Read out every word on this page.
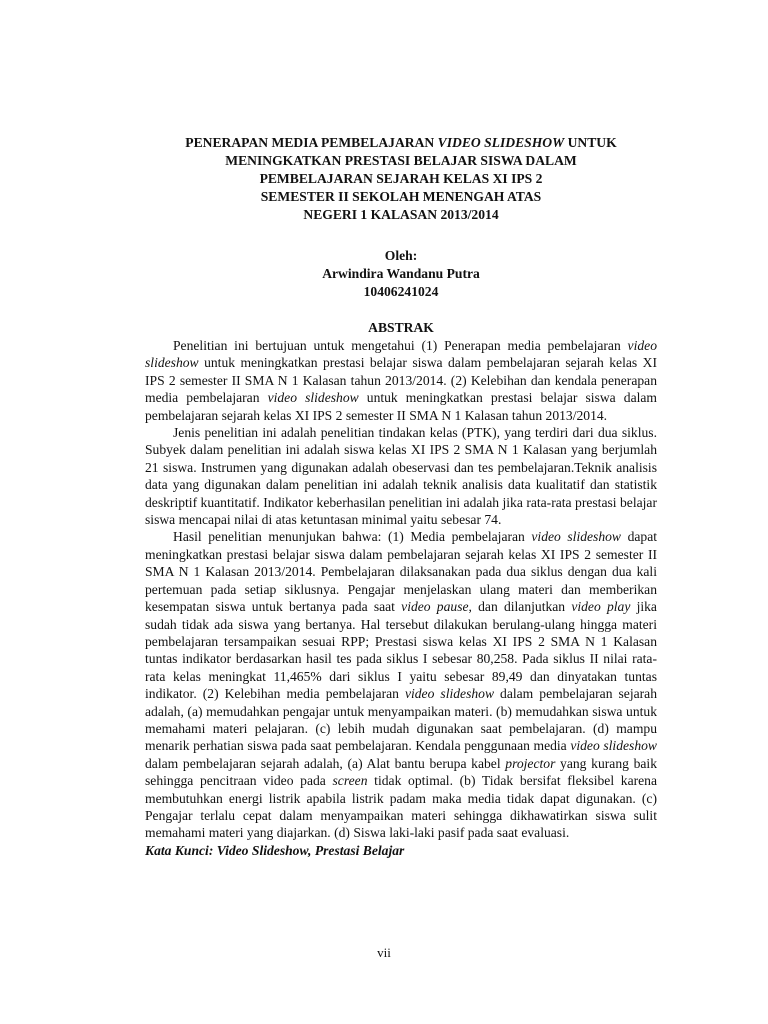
PENERAPAN MEDIA PEMBELAJARAN VIDEO SLIDESHOW UNTUK
MENINGKATKAN PRESTASI BELAJAR SISWA DALAM
PEMBELAJARAN SEJARAH KELAS XI IPS 2
SEMESTER II SEKOLAH MENENGAH ATAS
NEGERI 1 KALASAN 2013/2014
Oleh:
Arwindira Wandanu Putra
10406241024
ABSTRAK

Penelitian ini bertujuan untuk mengetahui (1) Penerapan media pembelajaran video slideshow untuk meningkatkan prestasi belajar siswa dalam pembelajaran sejarah kelas XI IPS 2 semester II SMA N 1 Kalasan tahun 2013/2014. (2) Kelebihan dan kendala penerapan media pembelajaran video slideshow untuk meningkatkan prestasi belajar siswa dalam pembelajaran sejarah kelas XI IPS 2 semester II SMA N 1 Kalasan tahun 2013/2014.

Jenis penelitian ini adalah penelitian tindakan kelas (PTK), yang terdiri dari dua siklus. Subyek dalam penelitian ini adalah siswa kelas XI IPS 2 SMA N 1 Kalasan yang berjumlah 21 siswa. Instrumen yang digunakan adalah obeservasi dan tes pembelajaran.Teknik analisis data yang digunakan dalam penelitian ini adalah teknik analisis data kualitatif dan statistik deskriptif kuantitatif. Indikator keberhasilan penelitian ini adalah jika rata-rata prestasi belajar siswa mencapai nilai di atas ketuntasan minimal yaitu sebesar 74.

Hasil penelitian menunjukan bahwa: (1) Media pembelajaran video slideshow dapat meningkatkan prestasi belajar siswa dalam pembelajaran sejarah kelas XI IPS 2 semester II SMA N 1 Kalasan 2013/2014. Pembelajaran dilaksanakan pada dua siklus dengan dua kali pertemuan pada setiap siklusnya. Pengajar menjelaskan ulang materi dan memberikan kesempatan siswa untuk bertanya pada saat video pause, dan dilanjutkan video play jika sudah tidak ada siswa yang bertanya. Hal tersebut dilakukan berulang-ulang hingga materi pembelajaran tersampaikan sesuai RPP; Prestasi siswa kelas XI IPS 2 SMA N 1 Kalasan tuntas indikator berdasarkan hasil tes pada siklus I sebesar 80,258. Pada siklus II nilai rata-rata kelas meningkat 11,465% dari siklus I yaitu sebesar 89,49 dan dinyatakan tuntas indikator. (2) Kelebihan media pembelajaran video slideshow dalam pembelajaran sejarah adalah, (a) memudahkan pengajar untuk menyampaikan materi. (b) memudahkan siswa untuk memahami materi pelajaran. (c) lebih mudah digunakan saat pembelajaran. (d) mampu menarik perhatian siswa pada saat pembelajaran. Kendala penggunaan media video slideshow dalam pembelajaran sejarah adalah, (a) Alat bantu berupa kabel projector yang kurang baik sehingga pencitraan video pada screen tidak optimal. (b) Tidak bersifat fleksibel karena membutuhkan energi listrik apabila listrik padam maka media tidak dapat digunakan. (c) Pengajar terlalu cepat dalam menyampaikan materi sehingga dikhawatirkan siswa sulit memahami materi yang diajarkan. (d) Siswa laki-laki pasif pada saat evaluasi.

Kata Kunci: Video Slideshow, Prestasi Belajar

vii
